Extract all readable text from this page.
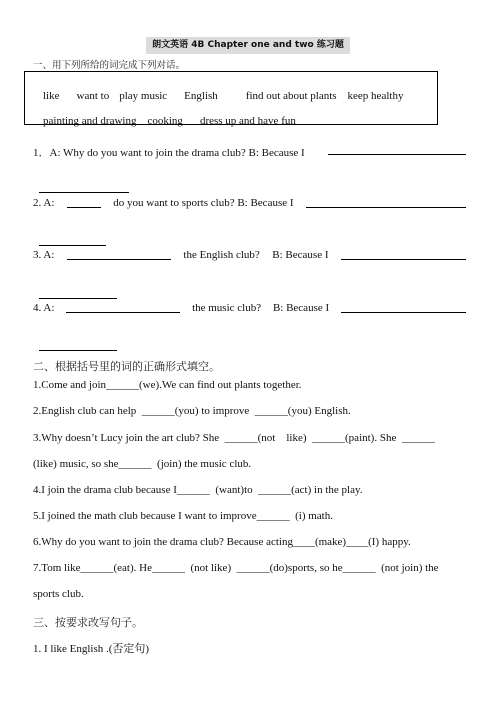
朗文英语 4B Chapter one and two 练习题
一、用下列所给的词完成下列对话。

like want to play music English	find out about plants keep healthy

painting and drawing cooking dress up and have fun

1．A: Why do you want to join the drama club? B: Because I

2. A:	do you want to sports club? B: Because I

3. A:	the English club? B: Because I

4. A:	the music club? B: Because I

二、根据括号里的词的正确形式填空。
1.Come and join______(we).We can find out plants together.
2.English club can help  ______(you) to improve  ______(you) English.
3.Why doesn’t Lucy join the art club? She  ______(not    like)  ______(paint). She  ______
(like) music, so she______  (join) the music club.
4.I join the drama club because I______  (want)to  ______(act) in the play.
5.I joined the math club because I want to improve______  (i) math.
6.Why do you want to join the drama club? Because acting____(make)____(I) happy.
7.Tom like______(eat). He______  (not like)  ______(do)sports, so he______  (not join) the
sports club.
三、按要求改写句子。
1. I like English .(否定句)
